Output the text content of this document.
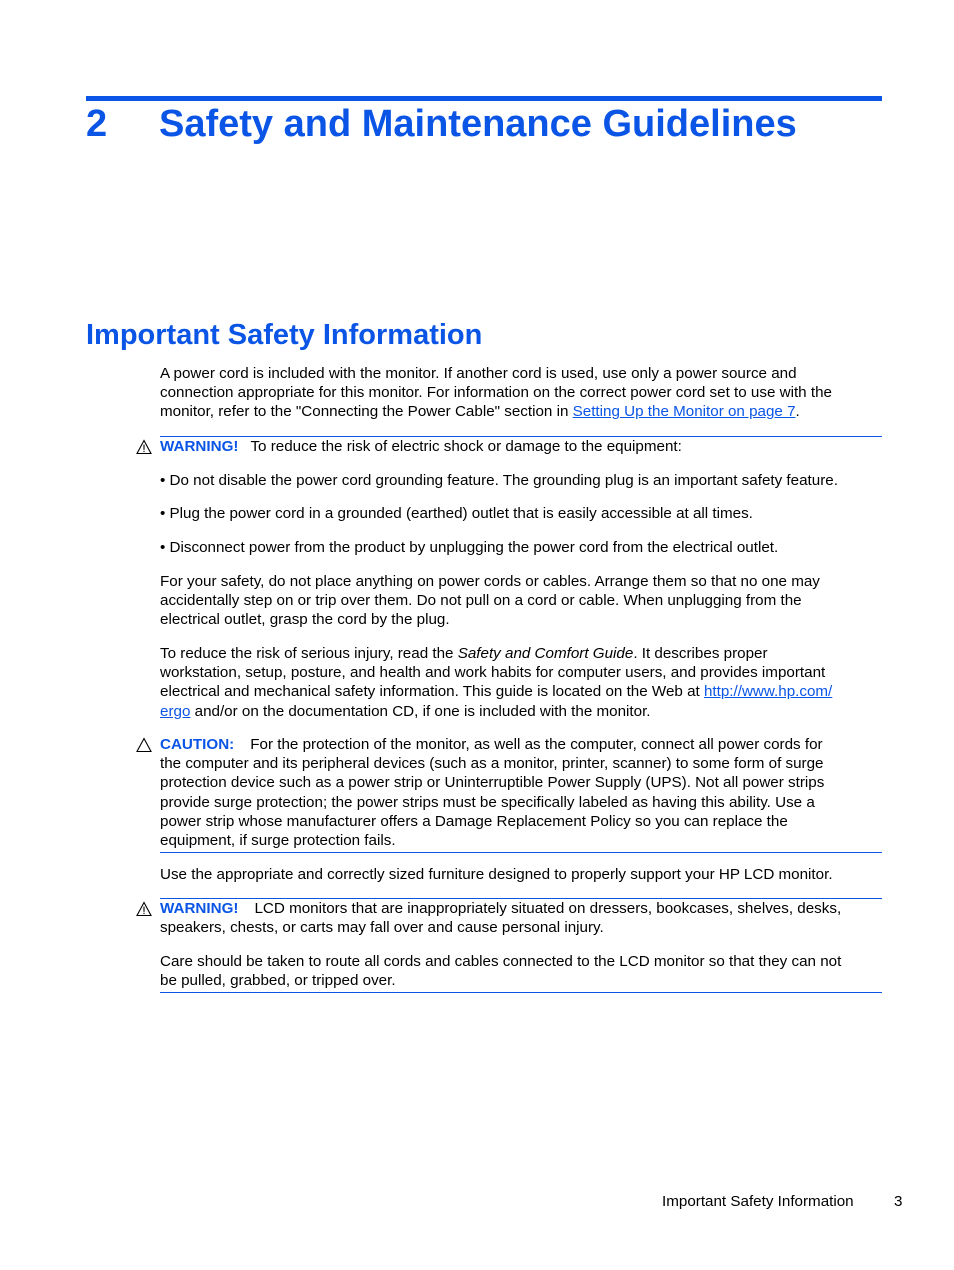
2 Safety and Maintenance Guidelines
Important Safety Information
A power cord is included with the monitor. If another cord is used, use only a power source and
connection appropriate for this monitor. For information on the correct power cord set to use with the
monitor, refer to the "Connecting the Power Cable" section in Setting Up the Monitor on page 7.
WARNING! To reduce the risk of electric shock or damage to the equipment:
• Do not disable the power cord grounding feature. The grounding plug is an important safety feature.
• Plug the power cord in a grounded (earthed) outlet that is easily accessible at all times.
• Disconnect power from the product by unplugging the power cord from the electrical outlet.
For your safety, do not place anything on power cords or cables. Arrange them so that no one may
accidentally step on or trip over them. Do not pull on a cord or cable. When unplugging from the
electrical outlet, grasp the cord by the plug.
To reduce the risk of serious injury, read the Safety and Comfort Guide. It describes proper
workstation, setup, posture, and health and work habits for computer users, and provides important
electrical and mechanical safety information. This guide is located on the Web at http://www.hp.com/
ergo and/or on the documentation CD, if one is included with the monitor.
CAUTION: For the protection of the monitor, as well as the computer, connect all power cords for
the computer and its peripheral devices (such as a monitor, printer, scanner) to some form of surge
protection device such as a power strip or Uninterruptible Power Supply (UPS). Not all power strips
provide surge protection; the power strips must be specifically labeled as having this ability. Use a
power strip whose manufacturer offers a Damage Replacement Policy so you can replace the
equipment, if surge protection fails.
Use the appropriate and correctly sized furniture designed to properly support your HP LCD monitor.
WARNING! LCD monitors that are inappropriately situated on dressers, bookcases, shelves, desks,
speakers, chests, or carts may fall over and cause personal injury.
Care should be taken to route all cords and cables connected to the LCD monitor so that they can not
be pulled, grabbed, or tripped over.
Important Safety Information	3
